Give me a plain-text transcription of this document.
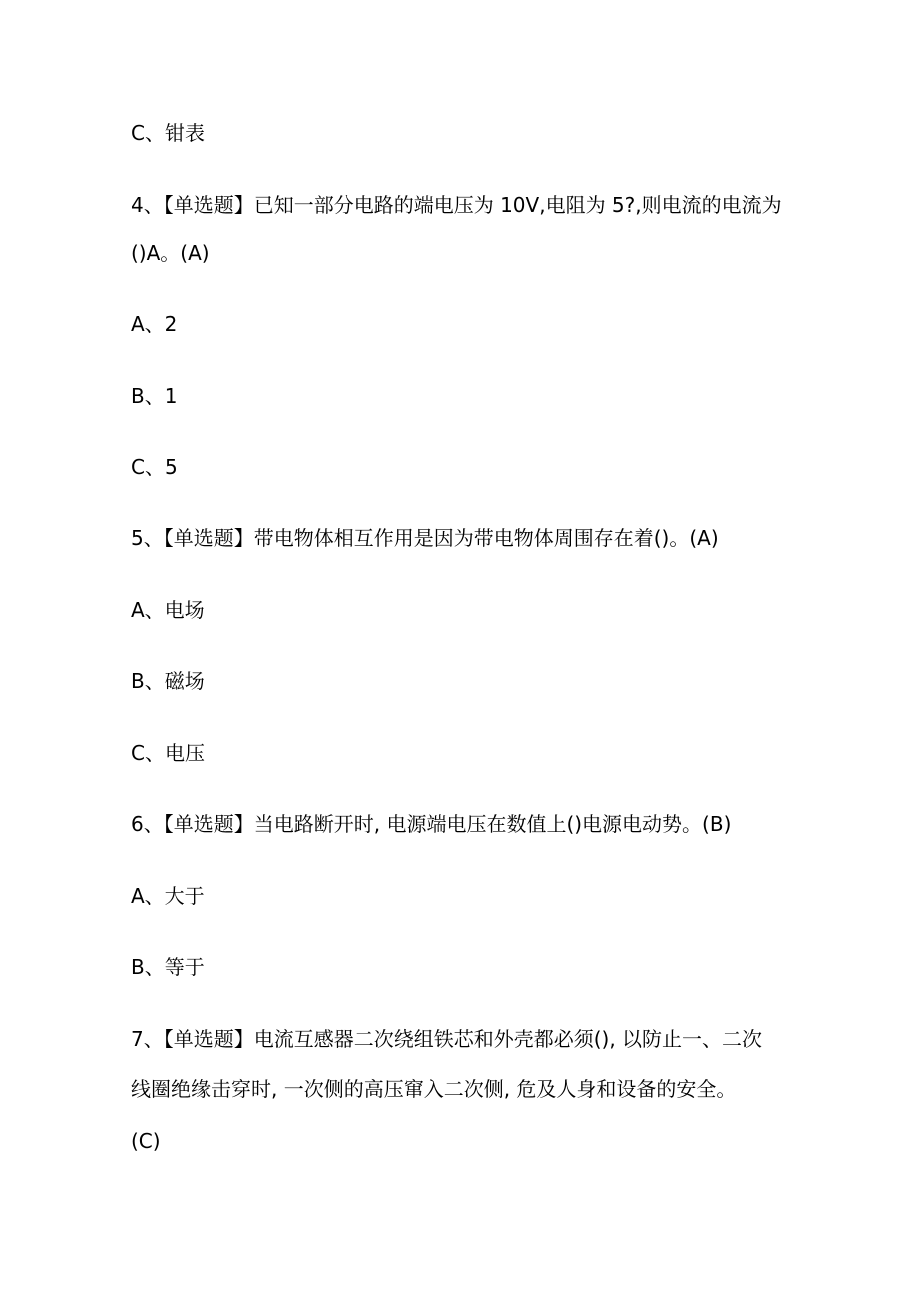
C、钳表
4、【单选题】已知一部分电路的端电压为 10V,电阻为 5?,则电流的电流为
()A。(A)
A、2
B、1
C、5
5、【单选题】带电物体相互作用是因为带电物体周围存在着()。(A)
A、电场
B、磁场
C、电压
6、【单选题】当电路断开时, 电源端电压在数值上()电源电动势。(B)
A、大于
B、等于
7、【单选题】电流互感器二次绕组铁芯和外壳都必须(), 以防止一、二次
线圈绝缘击穿时, 一次侧的高压窜入二次侧, 危及人身和设备的安全。
(C)
